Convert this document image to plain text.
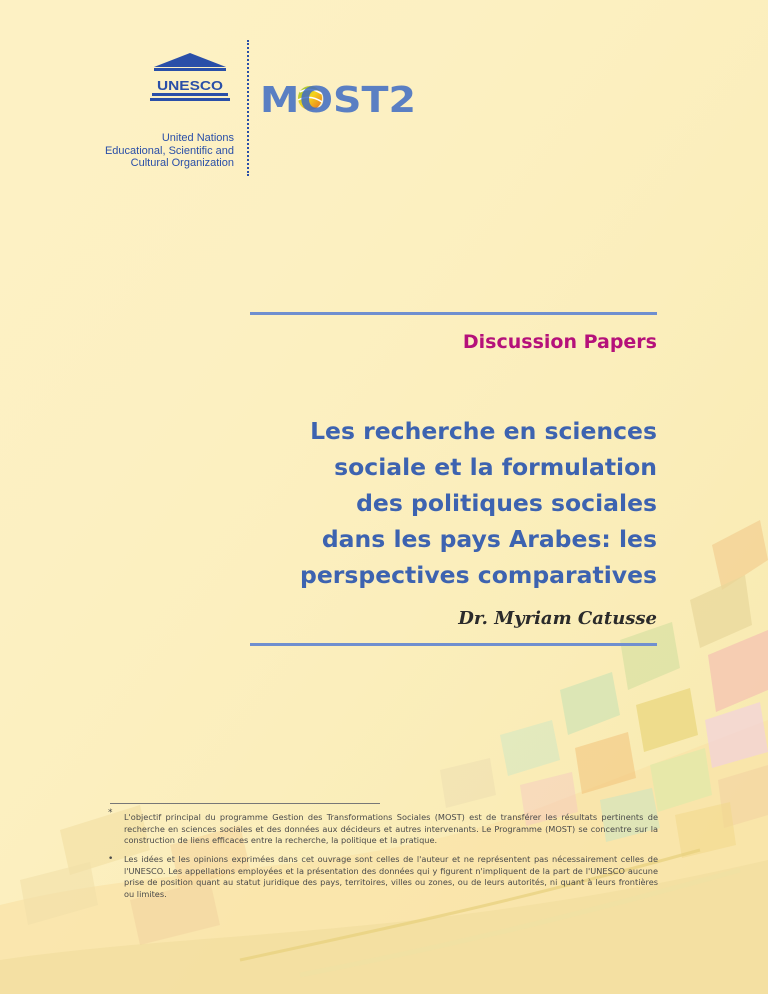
UNESCO
United Nations
Educational, Scientific and
Cultural Organization
MOST2
Discussion Papers
Les recherche en sciences
sociale et la formulation
des politiques sociales
dans les pays Arabes: les
perspectives comparatives
Dr. Myriam Catusse
* L'objectif principal du programme Gestion des Transformations Sociales (MOST) est de transférer les résultats pertinents de recherche en sciences sociales et des données aux décideurs et autres intervenants. Le Programme (MOST) se concentre sur la construction de liens efficaces entre la recherche, la politique et la pratique.
• Les idées et les opinions exprimées dans cet ouvrage sont celles de l'auteur et ne représentent pas nécessairement celles de l'UNESCO. Les appellations employées et la présentation des données qui y figurent n'impliquent de la part de l'UNESCO aucune prise de position quant au statut juridique des pays, territoires, villes ou zones, ou de leurs autorités, ni quant à leurs frontières ou limites.
